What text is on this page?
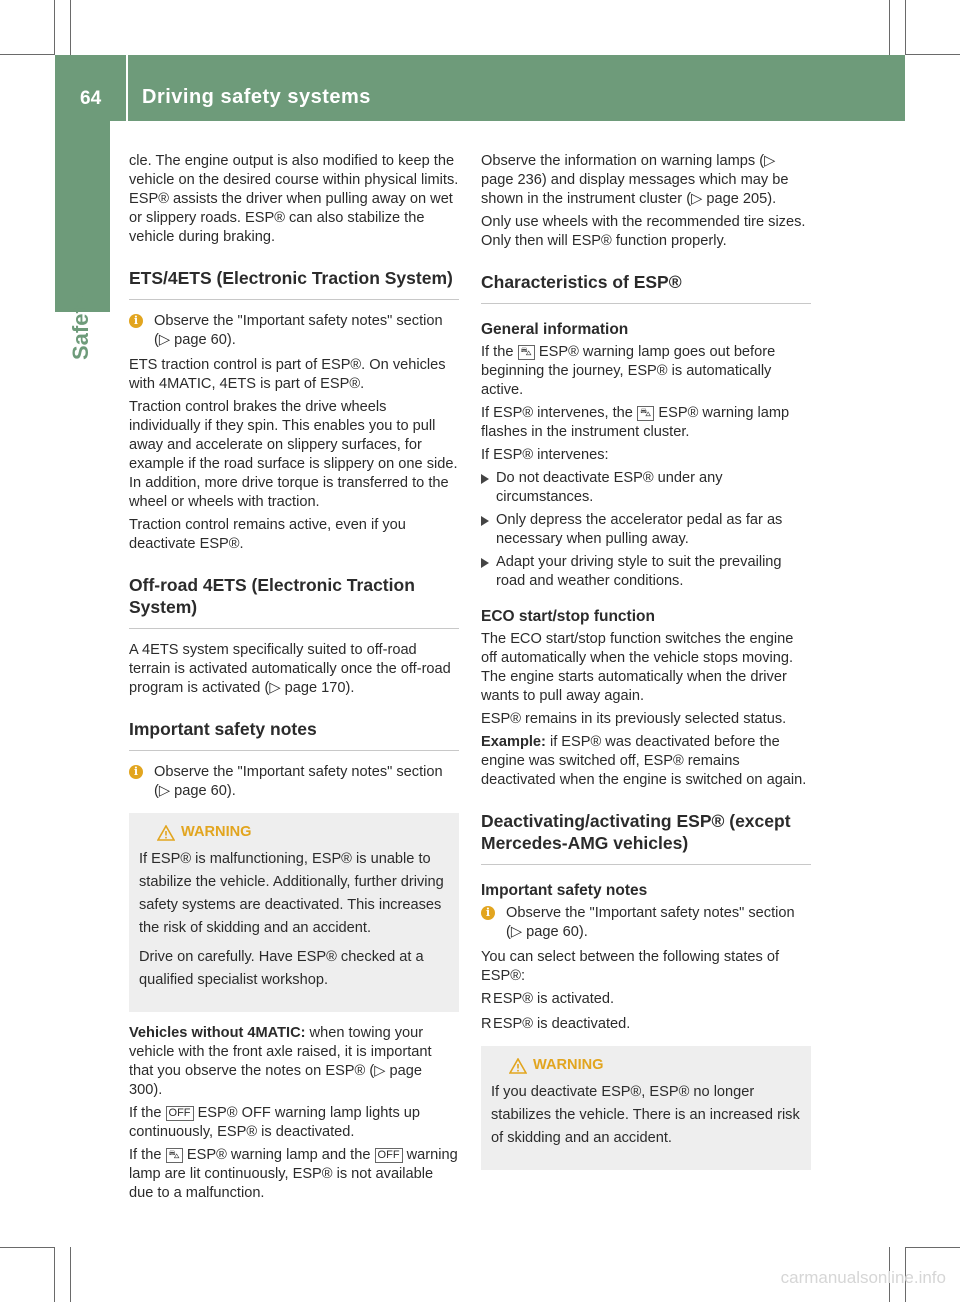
64 Driving safety systems
Safety

cle. The engine output is also modified to keep the vehicle on the desired course within physical limits. ESP® assists the driver when pulling away on wet or slippery roads. ESP® can also stabilize the vehicle during braking.

ETS/4ETS (Electronic Traction System)
i	Observe the "Important safety notes" section (▷ page 60).

ETS traction control is part of ESP®. On vehicles with 4MATIC, 4ETS is part of ESP®.

Traction control brakes the drive wheels individually if they spin. This enables you to pull away and accelerate on slippery surfaces, for example if the road surface is slippery on one side. In addition, more drive torque is transferred to the wheel or wheels with traction.

Traction control remains active, even if you deactivate ESP®.

Off-road 4ETS (Electronic Traction System)

A 4ETS system specifically suited to off-road terrain is activated automatically once the off-road program is activated (▷ page 170).

Important safety notes
i	Observe the "Important safety notes" section (▷ page 60).
WARNING

If ESP® is malfunctioning, ESP® is unable to stabilize the vehicle. Additionally, further driving safety systems are deactivated. This increases the risk of skidding and an accident.

Drive on carefully. Have ESP® checked at a qualified specialist workshop.

Vehicles without 4MATIC: when towing your vehicle with the front axle raised, it is important that you observe the notes on ESP® (▷ page 300).

If the OFF ESP® OFF warning lamp lights up continuously, ESP® is deactivated.

If the ⛍ ESP® warning lamp and the OFF warning lamp are lit continuously, ESP® is not available due to a malfunction.

Observe the information on warning lamps (▷ page 236) and display messages which may be shown in the instrument cluster (▷ page 205).

Only use wheels with the recommended tire sizes. Only then will ESP® function properly.

Characteristics of ESP®
General information

If the ⛍ ESP® warning lamp goes out before beginning the journey, ESP® is automatically active.

If ESP® intervenes, the ⛍ ESP® warning lamp flashes in the instrument cluster.

If ESP® intervenes:

Do not deactivate ESP® under any circumstances.
Only depress the accelerator pedal as far as necessary when pulling away.
Adapt your driving style to suit the prevailing road and weather conditions.
ECO start/stop function

The ECO start/stop function switches the engine off automatically when the vehicle stops moving. The engine starts automatically when the driver wants to pull away again.

ESP® remains in its previously selected status.

Example: if ESP® was deactivated before the engine was switched off, ESP® remains deactivated when the engine is switched on again.

Deactivating/activating ESP® (except Mercedes-AMG vehicles)
Important safety notes
i	Observe the "Important safety notes" section (▷ page 60).

You can select between the following states of ESP®:

R ESP® is activated.
R ESP® is deactivated.
WARNING

If you deactivate ESP®, ESP® no longer stabilizes the vehicle. There is an increased risk of skidding and an accident.

carmanualsonline.info
